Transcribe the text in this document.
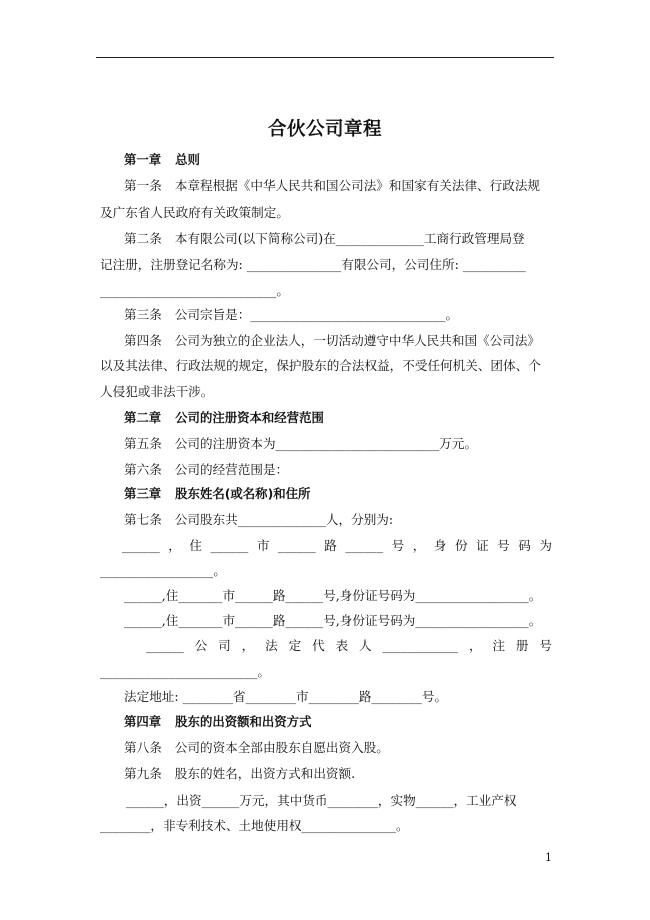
合伙公司章程
第一章 总则
第一条 本章程根据《中华人民共和国公司法》和国家有关法律、行政法规
及广东省人民政府有关政策制定。
第二条 本有限公司(以下简称公司)在______________工商行政管理局登
记注册，注册登记名称为: _______________有限公司，公司住所: __________
____________________________。
第三条 公司宗旨是：_______________________________。
第四条 公司为独立的企业法人，一切活动遵守中华人民共和国《公司法》
以及其法律、行政法规的规定，保护股东的合法权益，不受任何机关、团体、个
人侵犯或非法干涉。
第二章 公司的注册资本和经营范围
第五条 公司的注册资本为__________________________万元。
第六条 公司的经营范围是：
第三章 股东姓名(或名称)和住所
第七条 公司股东共______________人，分别为:
______，住______市______路______号，身份证号码为
__________________。
______,住_______市______路______号,身份证号码为__________________。
______,住_______市______路______号,身份证号码为__________________。
______公司，法定代表人____________，注册号
_________________________。
法定地址: ________省________市________路________号。
第四章 股东的出资额和出资方式
第八条 公司的资本全部由股东自愿出资入股。
第九条 股东的姓名，出资方式和出资额.
______，出资______万元，其中货币________，实物______，工业产权
________，非专利技术、土地使用权_______________。
1
